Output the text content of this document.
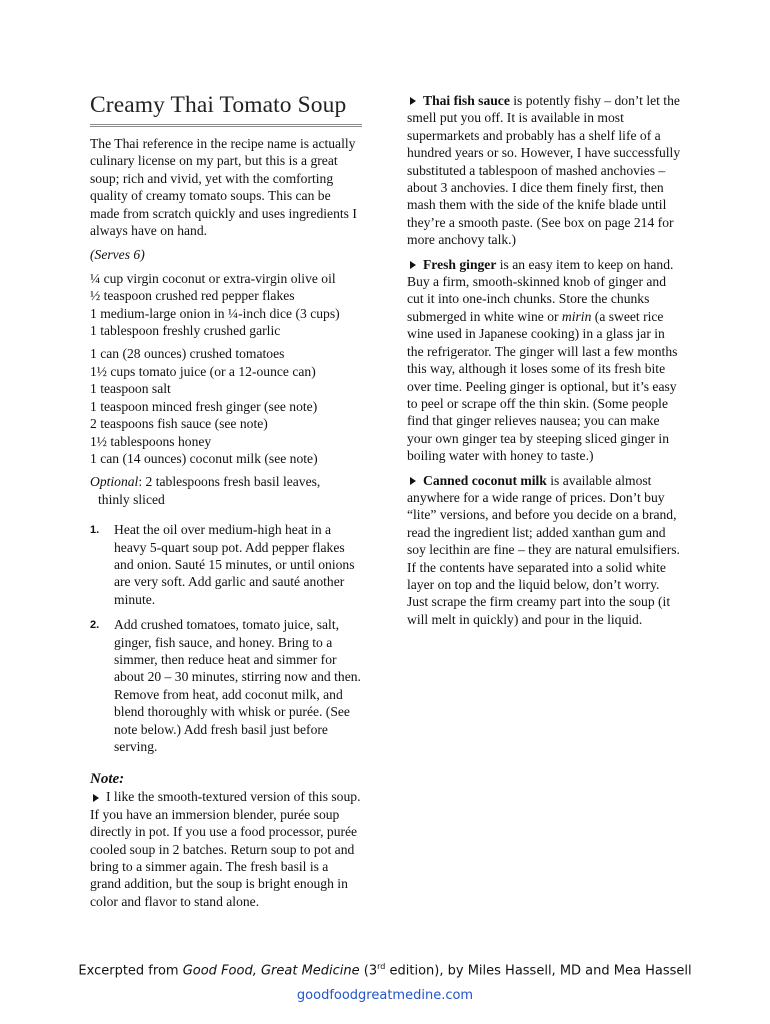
Creamy Thai Tomato Soup
The Thai reference in the recipe name is actually culinary license on my part, but this is a great soup; rich and vivid, yet with the comforting quality of creamy tomato soups. This can be made from scratch quickly and uses ingredients I always have on hand.
(Serves 6)
¼ cup virgin coconut or extra-virgin olive oil
½ teaspoon crushed red pepper flakes
1 medium-large onion in ¼-inch dice (3 cups)
1 tablespoon freshly crushed garlic
1 can (28 ounces) crushed tomatoes
1½ cups tomato juice (or a 12-ounce can)
1 teaspoon salt
1 teaspoon minced fresh ginger (see note)
2 teaspoons fish sauce (see note)
1½ tablespoons honey
1 can (14 ounces) coconut milk (see note)
Optional: 2 tablespoons fresh basil leaves,
thinly sliced
1. Heat the oil over medium-high heat in a heavy 5-quart soup pot. Add pepper flakes and onion. Sauté 15 minutes, or until onions are very soft. Add garlic and sauté another minute.
2. Add crushed tomatoes, tomato juice, salt, ginger, fish sauce, and honey. Bring to a simmer, then reduce heat and simmer for about 20 – 30 minutes, stirring now and then. Remove from heat, add coconut milk, and blend thoroughly with whisk or purée. (See note below.) Add fresh basil just before serving.
Note:
I like the smooth-textured version of this soup. If you have an immersion blender, purée soup directly in pot. If you use a food processor, purée cooled soup in 2 batches. Return soup to pot and bring to a simmer again. The fresh basil is a grand addition, but the soup is bright enough in color and flavor to stand alone.
Thai fish sauce is potently fishy – don’t let the smell put you off. It is available in most supermarkets and probably has a shelf life of a hundred years or so. However, I have successfully substituted a tablespoon of mashed anchovies – about 3 anchovies. I dice them finely first, then mash them with the side of the knife blade until they’re a smooth paste. (See box on page 214 for more anchovy talk.)
Fresh ginger is an easy item to keep on hand. Buy a firm, smooth-skinned knob of ginger and cut it into one-inch chunks. Store the chunks submerged in white wine or mirin (a sweet rice wine used in Japanese cooking) in a glass jar in the refrigerator. The ginger will last a few months this way, although it loses some of its fresh bite over time. Peeling ginger is optional, but it’s easy to peel or scrape off the thin skin. (Some people find that ginger relieves nausea; you can make your own ginger tea by steeping sliced ginger in boiling water with honey to taste.)
Canned coconut milk is available almost anywhere for a wide range of prices. Don’t buy “lite” versions, and before you decide on a brand, read the ingredient list; added xanthan gum and soy lecithin are fine – they are natural emulsifiers. If the contents have separated into a solid white layer on top and the liquid below, don’t worry. Just scrape the firm creamy part into the soup (it will melt in quickly) and pour in the liquid.
Excerpted from Good Food, Great Medicine (3rd edition), by Miles Hassell, MD and Mea Hassell
goodfoodgreatmedine.com
